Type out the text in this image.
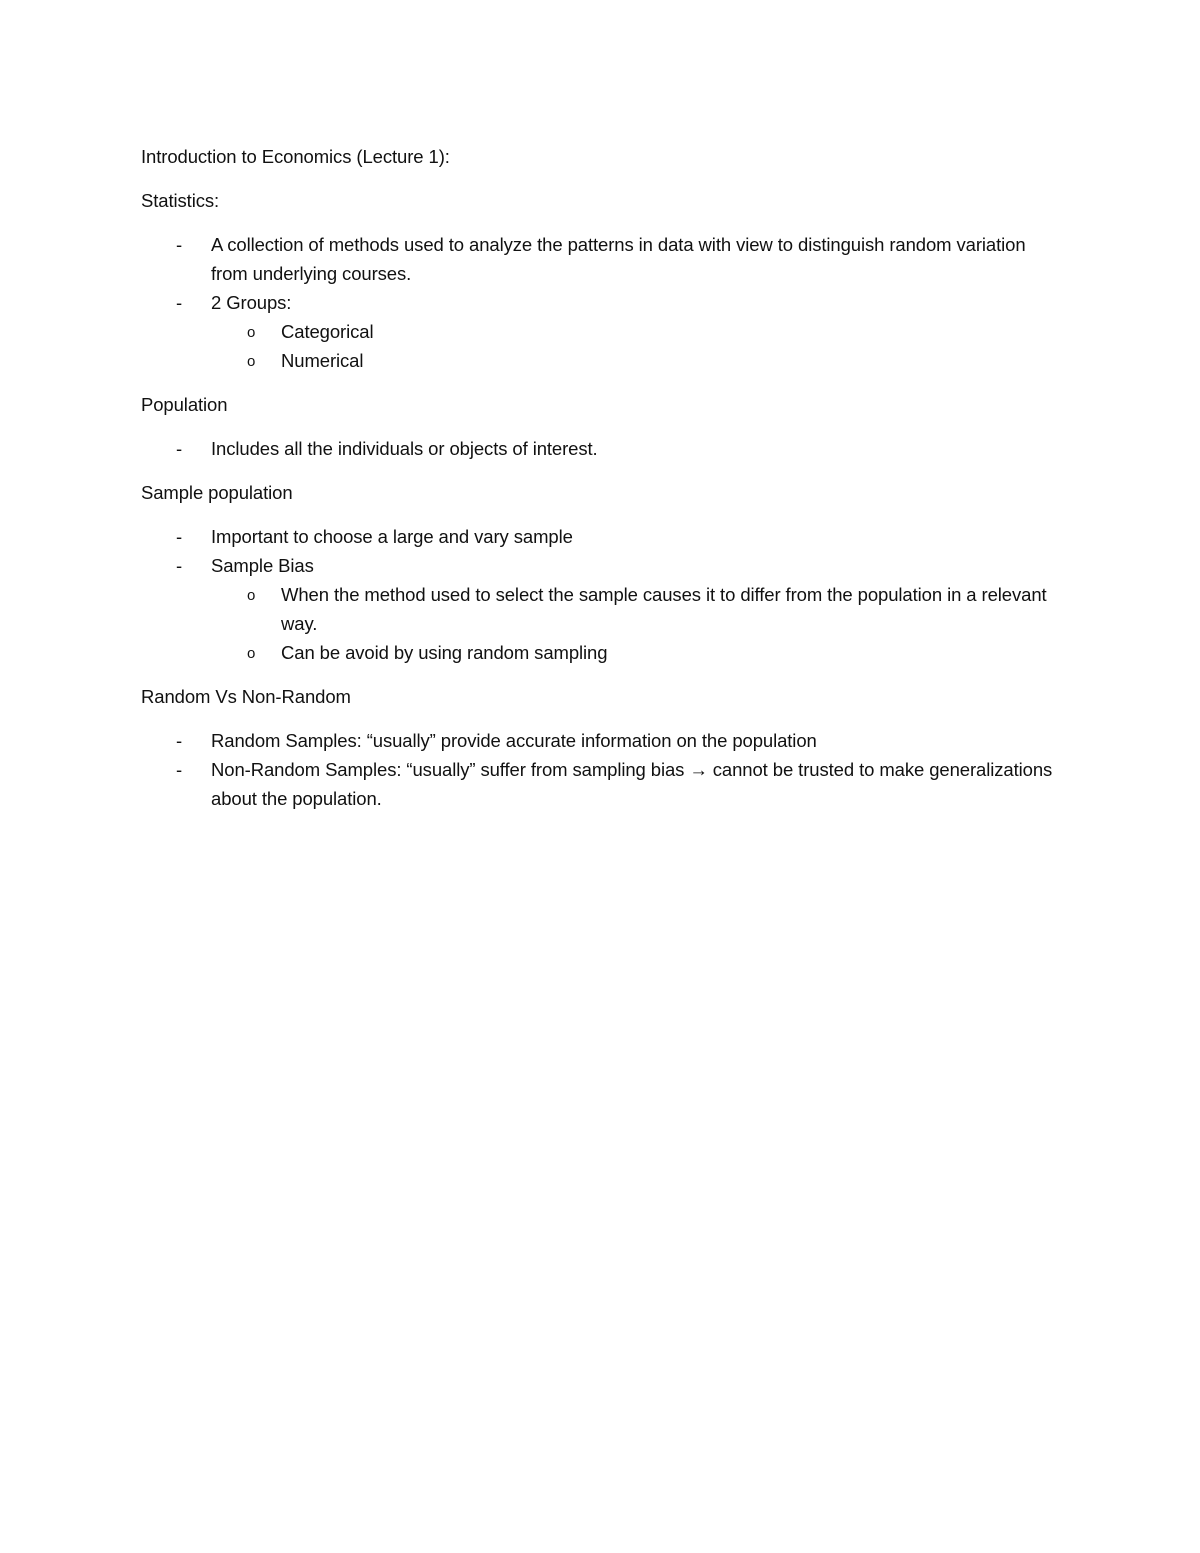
Introduction to Economics (Lecture 1):
Statistics:
-	A collection of methods used to analyze the patterns in data with view to distinguish random variation from underlying courses.
-	2 Groups:
o Categorical
o Numerical
Population
-	Includes all the individuals or objects of interest.
Sample population
-	Important to choose a large and vary sample
-	Sample Bias
o When the method used to select the sample causes it to differ from the population in a relevant way.
o Can be avoid by using random sampling
Random Vs Non-Random
-	Random Samples: “usually” provide accurate information on the population
-	Non-Random Samples: “usually” suffer from sampling bias → cannot be trusted to make generalizations about the population.
